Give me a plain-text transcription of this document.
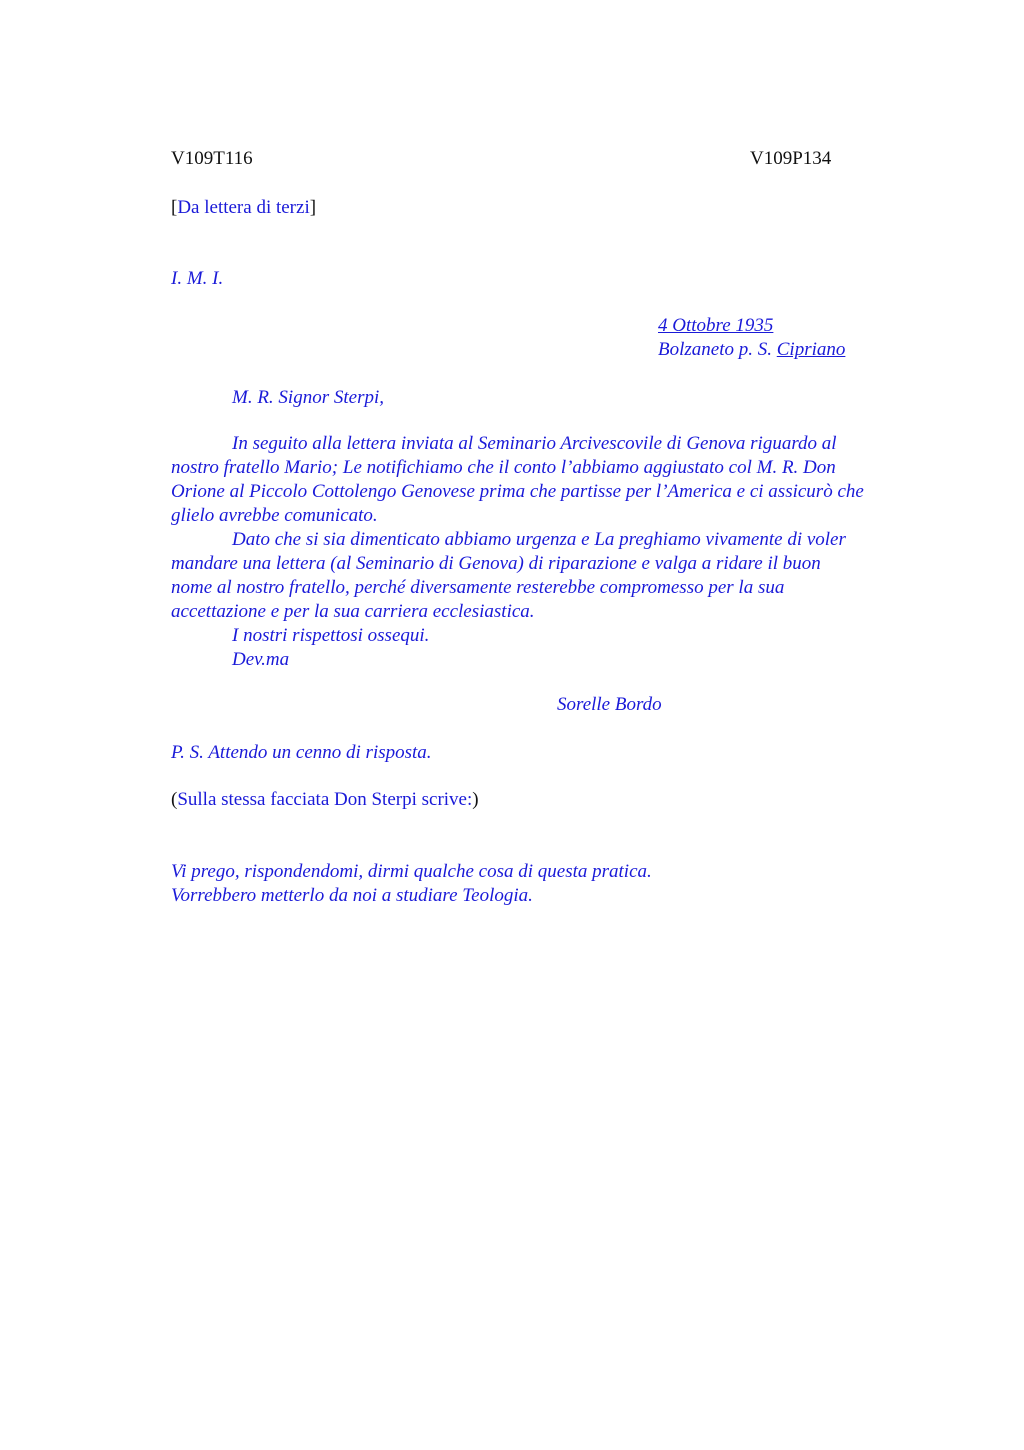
V109T116	V109P134

[Da lettera di terzi]

I. M. I.

4 Ottobre 1935

Bolzaneto p. S. Cipriano

M. R. Signor Sterpi,

In seguito alla lettera inviata al Seminario Arcivescovile di Genova riguardo al
nostro fratello Mario; Le notifichiamo che il conto l’abbiamo aggiustato col M. R. Don
Orione al Piccolo Cottolengo Genovese prima che partisse per l’America e ci assicurò che
glielo avrebbe comunicato.
Dato che si sia dimenticato abbiamo urgenza e La preghiamo vivamente di voler
mandare una lettera (al Seminario di Genova) di riparazione e valga a ridare il buon
nome al nostro fratello, perché diversamente resterebbe compromesso per la sua
accettazione e per la sua carriera ecclesiastica.
I nostri rispettosi ossequi.
Dev.ma

Sorelle Bordo

P. S. Attendo un cenno di risposta.

(Sulla stessa facciata Don Sterpi scrive:)

Vi prego, rispondendomi, dirmi qualche cosa di questa pratica.

Vorrebbero metterlo da noi a studiare Teologia.
